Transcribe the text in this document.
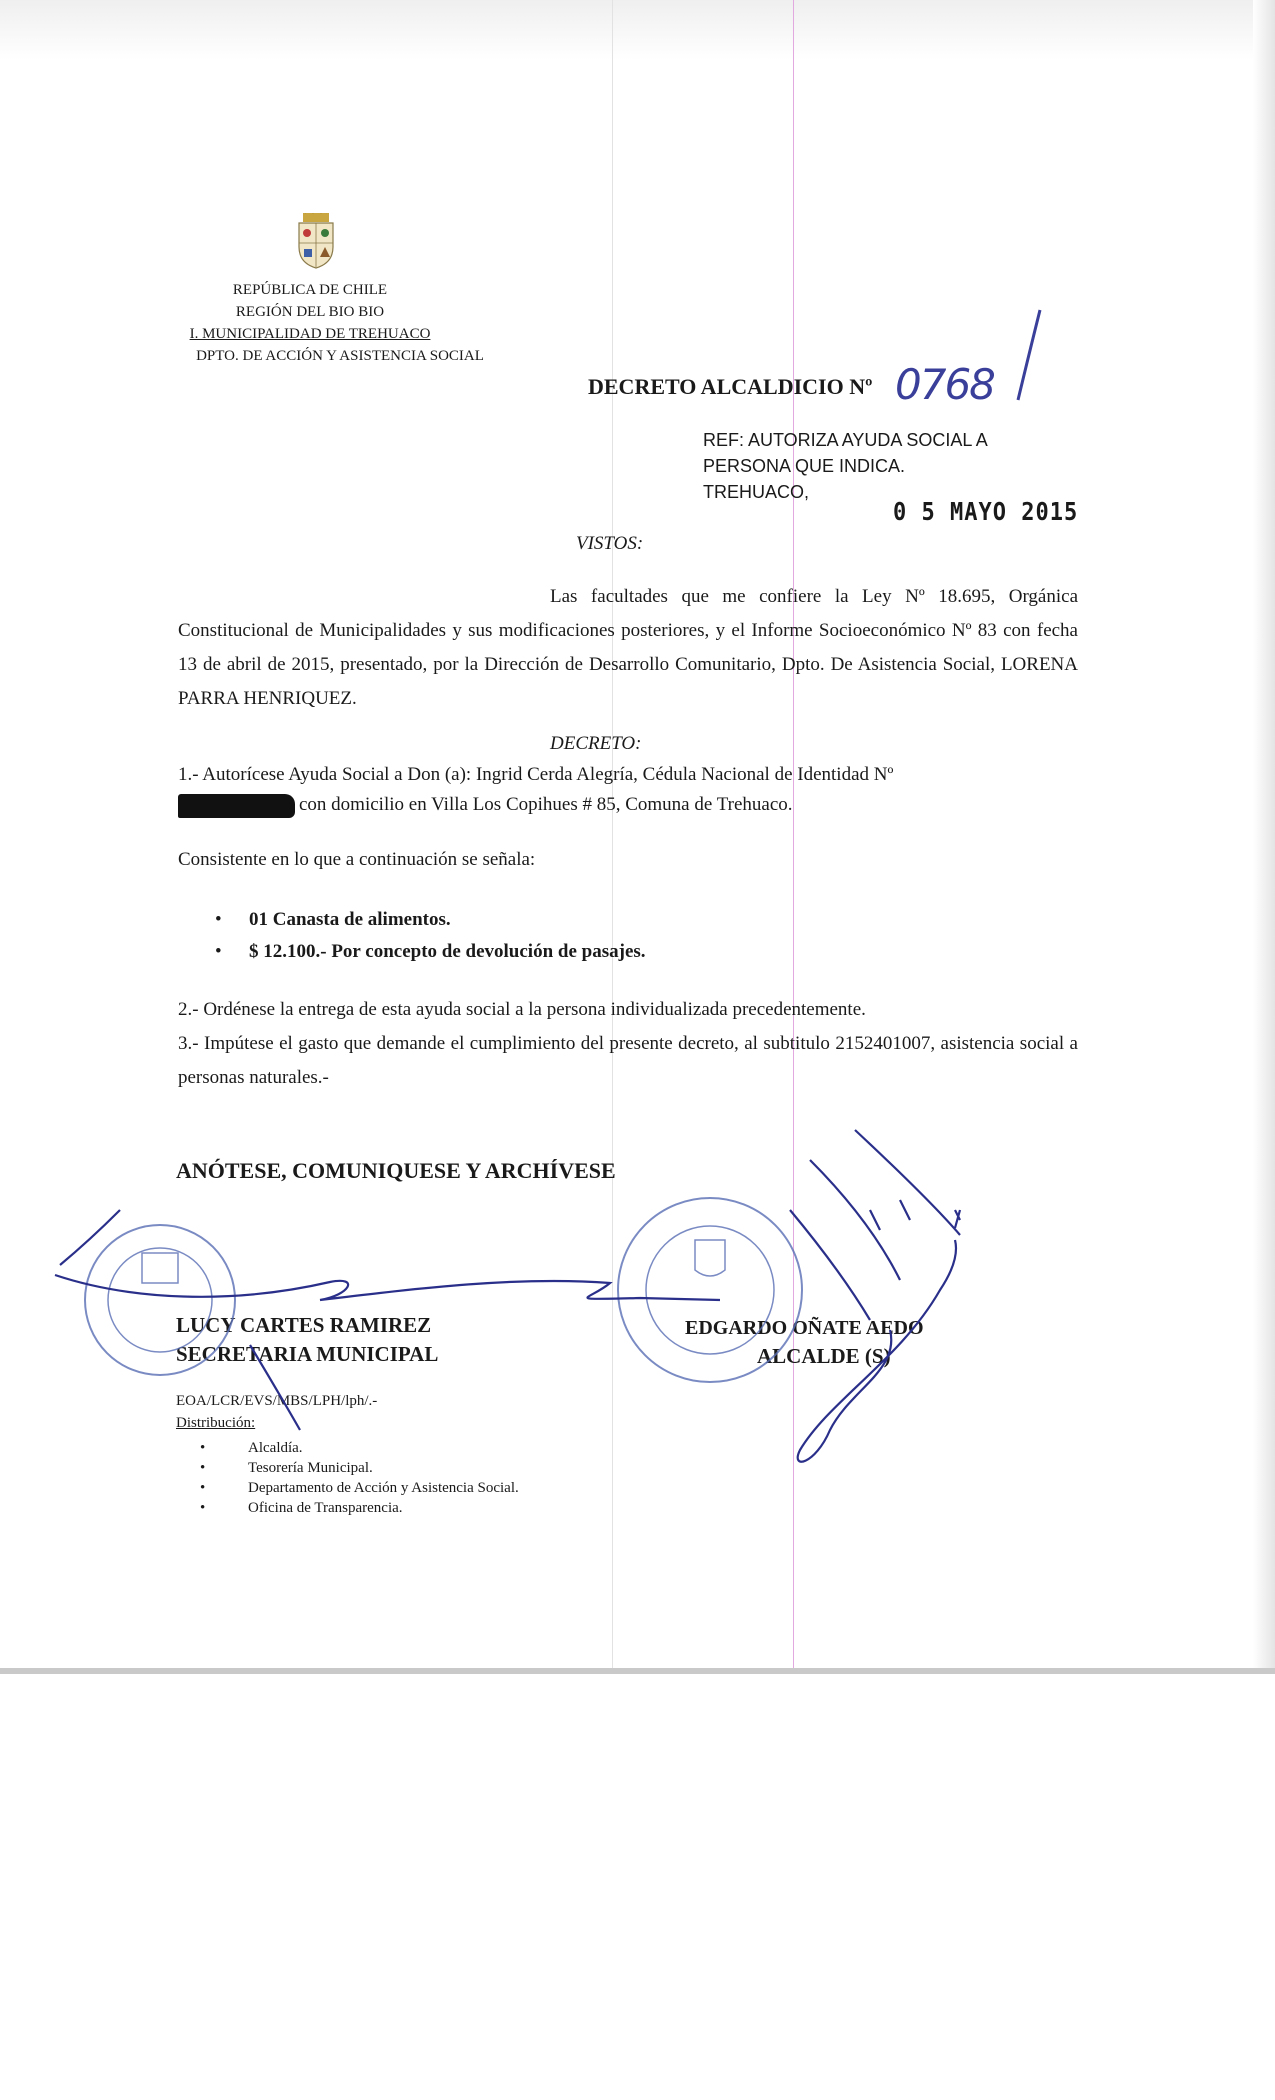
REPÚBLICA DE CHILE
REGIÓN DEL BIO BIO
I. MUNICIPALIDAD DE TREHUACO
DPTO. DE ACCIÓN Y ASISTENCIA SOCIAL
DECRETO ALCALDICIO Nº 0768
REF: AUTORIZA AYUDA SOCIAL A
PERSONA QUE INDICA.
TREHUACO,
0 5 MAYO 2015
VISTOS:
Las facultades que me confiere la Ley Nº 18.695, Orgánica Constitucional de Municipalidades y sus modificaciones posteriores, y el Informe Socioeconómico Nº 83 con fecha 13 de abril de 2015, presentado, por la Dirección de Desarrollo Comunitario, Dpto. De Asistencia Social, LORENA PARRA HENRIQUEZ.
DECRETO:
1.- Autorícese Ayuda Social a Don (a): Ingrid Cerda Alegría, Cédula Nacional de Identidad Nº
con domicilio en Villa Los Copihues # 85, Comuna de Trehuaco.
Consistente en lo que a continuación se señala:
• 01 Canasta de alimentos.
• $ 12.100.- Por concepto de devolución de pasajes.
2.- Ordénese la entrega de esta ayuda social a la persona individualizada precedentemente.
3.- Impútese el gasto que demande el cumplimiento del presente decreto, al subtitulo 2152401007, asistencia social a personas naturales.-
ANÓTESE, COMUNIQUESE Y ARCHÍVESE
LUCY CARTES RAMIREZ
SECRETARIA MUNICIPAL
EDGARDO OÑATE AEDO
ALCALDE (S)
EOA/LCR/EVS/MBS/LPH/lph/.-
Distribución:
• Alcaldía.
• Tesorería Municipal.
• Departamento de Acción y Asistencia Social.
• Oficina de Transparencia.
